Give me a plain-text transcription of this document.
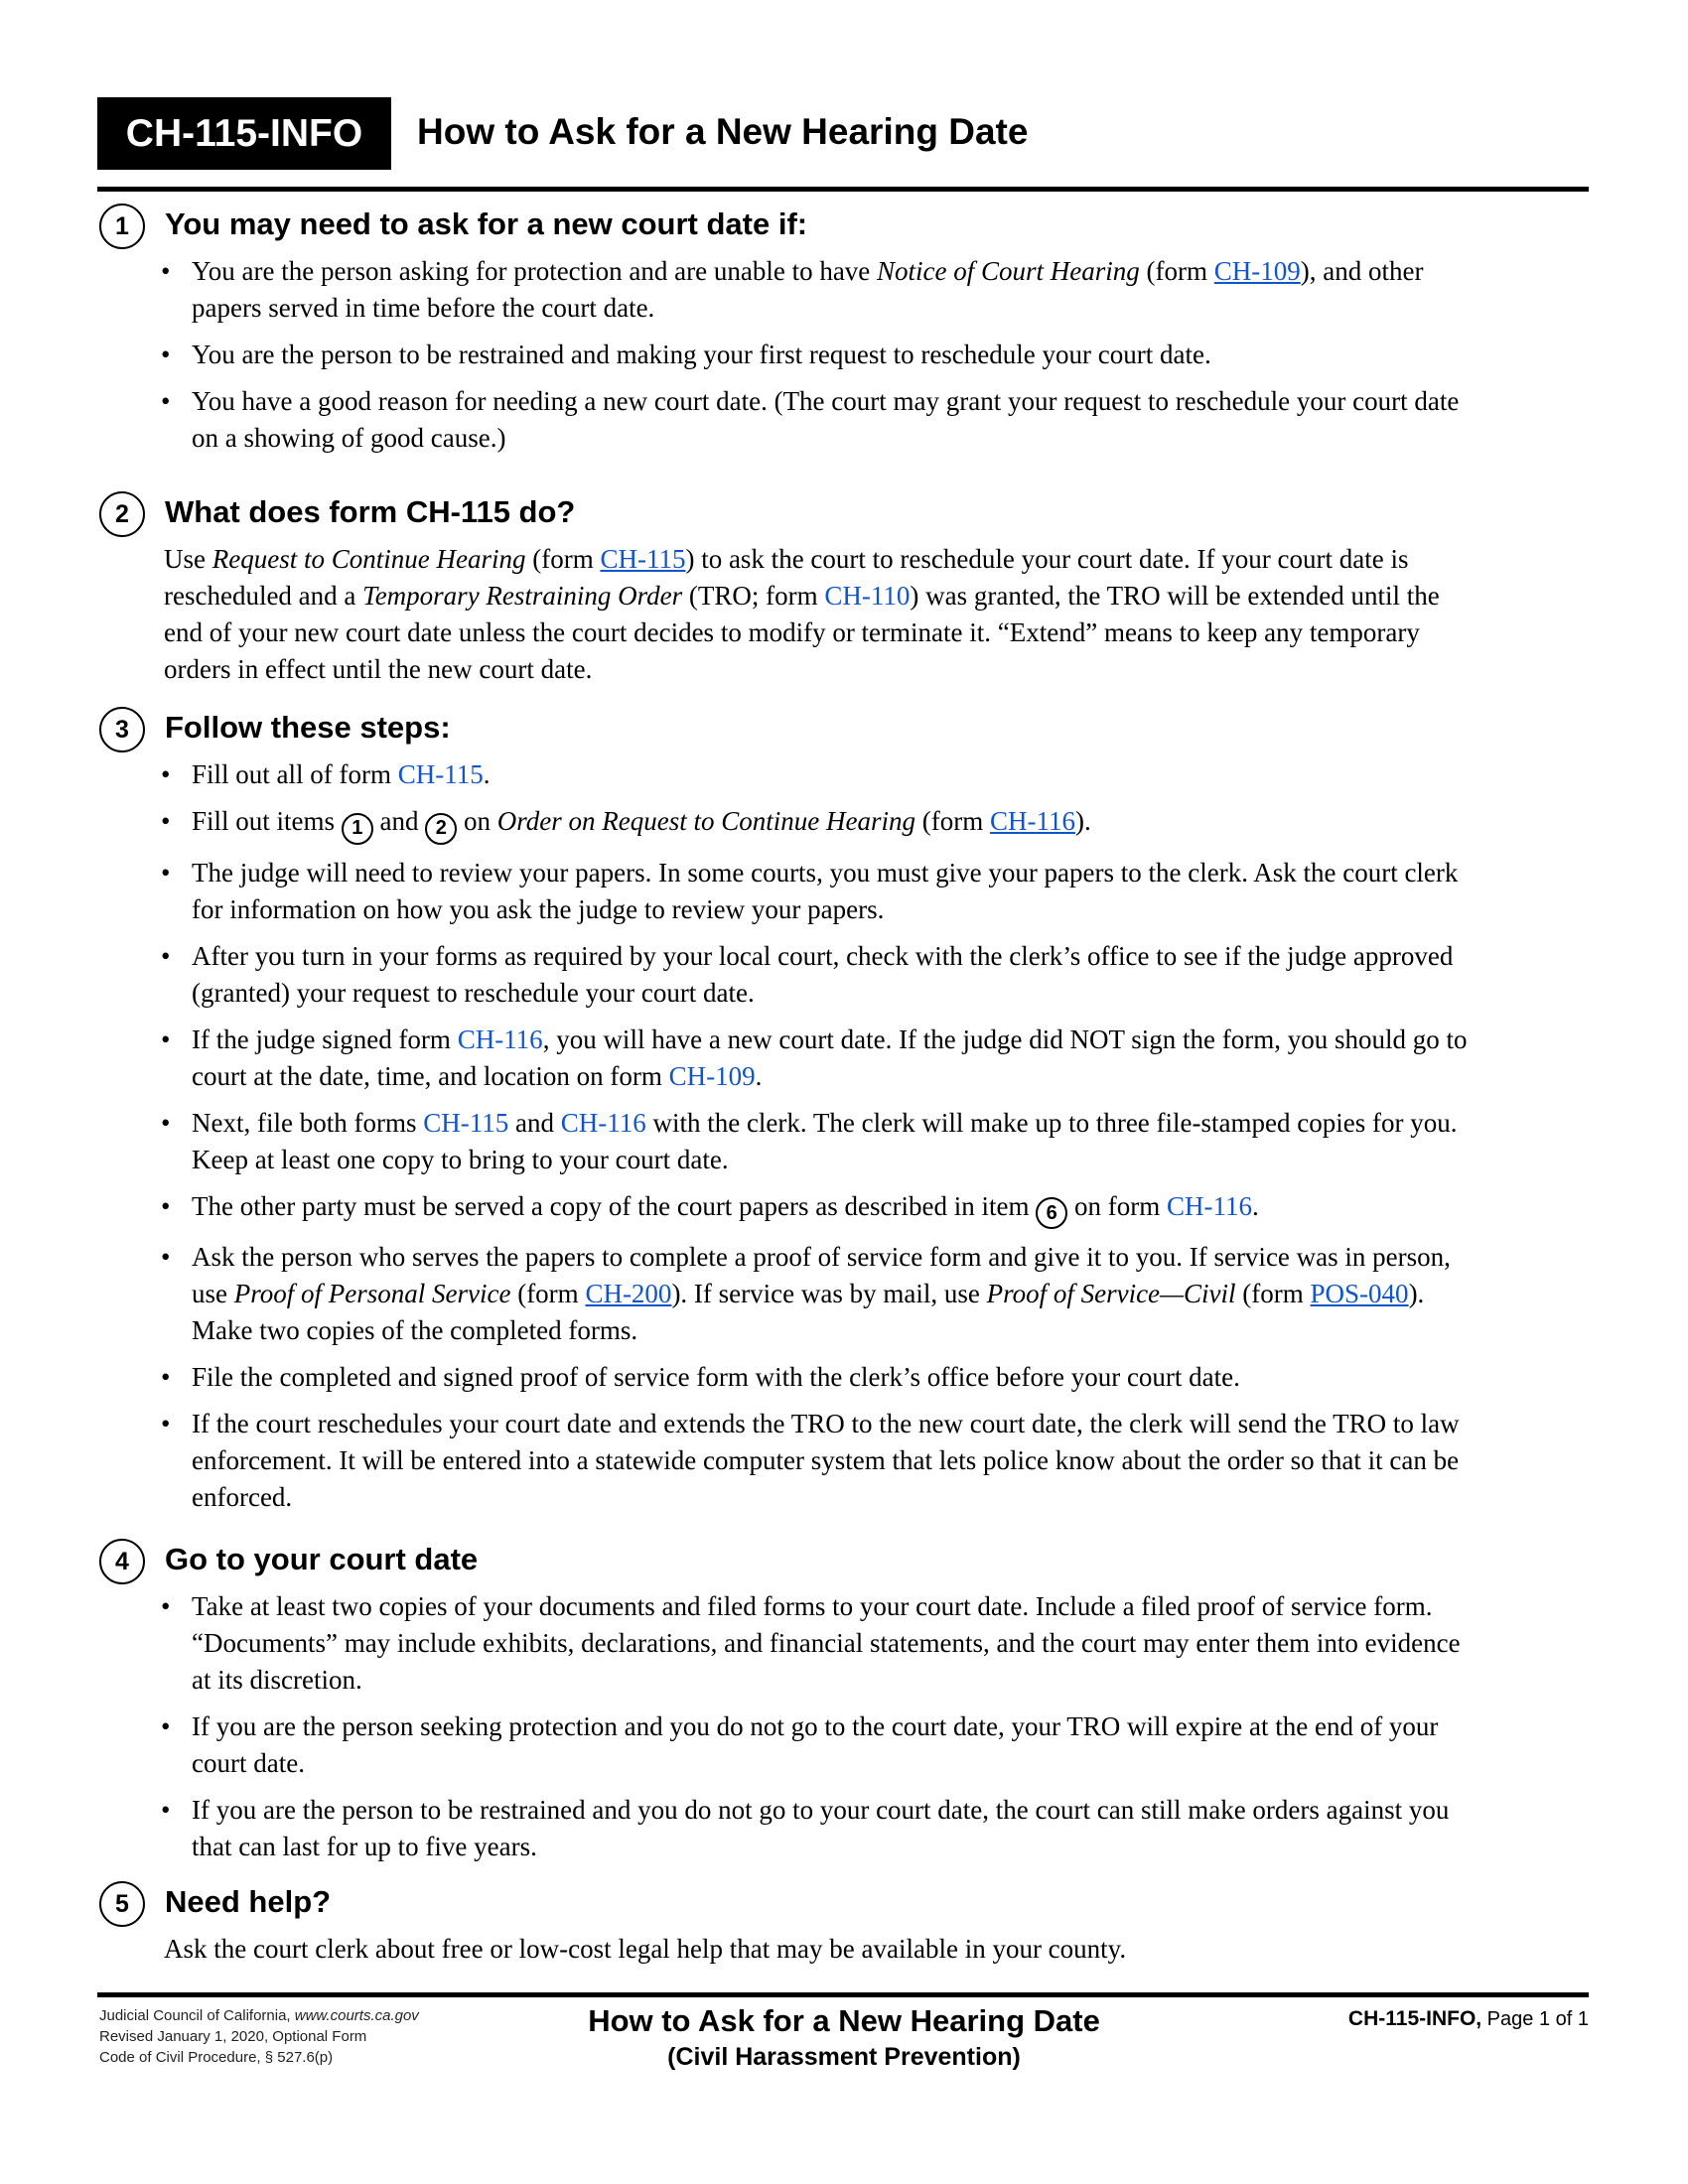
CH-115-INFO	How to Ask for a New Hearing Date
1	You may need to ask for a new court date if:
• You are the person asking for protection and are unable to have Notice of Court Hearing (form CH-109), and other papers served in time before the court date.
• You are the person to be restrained and making your first request to reschedule your court date.
• You have a good reason for needing a new court date. (The court may grant your request to reschedule your court date on a showing of good cause.)
2	What does form CH-115 do?

Use Request to Continue Hearing (form CH-115) to ask the court to reschedule your court date. If your court date is rescheduled and a Temporary Restraining Order (TRO; form CH-110) was granted, the TRO will be extended until the end of your new court date unless the court decides to modify or terminate it. “Extend” means to keep any temporary orders in effect until the new court date.

3	Follow these steps:
• Fill out all of form CH-115.
• Fill out items 1 and 2 on Order on Request to Continue Hearing (form CH-116).
• The judge will need to review your papers. In some courts, you must give your papers to the clerk. Ask the court clerk for information on how you ask the judge to review your papers.
• After you turn in your forms as required by your local court, check with the clerk’s office to see if the judge approved (granted) your request to reschedule your court date.
• If the judge signed form CH-116, you will have a new court date. If the judge did NOT sign the form, you should go to court at the date, time, and location on form CH-109.
• Next, file both forms CH-115 and CH-116 with the clerk. The clerk will make up to three file-stamped copies for you. Keep at least one copy to bring to your court date.
• The other party must be served a copy of the court papers as described in item 6 on form CH-116.
• Ask the person who serves the papers to complete a proof of service form and give it to you. If service was in person, use Proof of Personal Service (form CH-200). If service was by mail, use Proof of Service—Civil (form POS-040). Make two copies of the completed forms.
• File the completed and signed proof of service form with the clerk’s office before your court date.
• If the court reschedules your court date and extends the TRO to the new court date, the clerk will send the TRO to law enforcement. It will be entered into a statewide computer system that lets police know about the order so that it can be enforced.
4	Go to your court date
• Take at least two copies of your documents and filed forms to your court date. Include a filed proof of service form. “Documents” may include exhibits, declarations, and financial statements, and the court may enter them into evidence at its discretion.
• If you are the person seeking protection and you do not go to the court date, your TRO will expire at the end of your court date.
• If you are the person to be restrained and you do not go to your court date, the court can still make orders against you that can last for up to five years.
5	Need help?

Ask the court clerk about free or low-cost legal help that may be available in your county.

Judicial Council of California, www.courts.ca.gov
Revised January 1, 2020, Optional Form
Code of Civil Procedure, § 527.6(p)
How to Ask for a New Hearing Date
(Civil Harassment Prevention)
CH-115-INFO, Page 1 of 1
